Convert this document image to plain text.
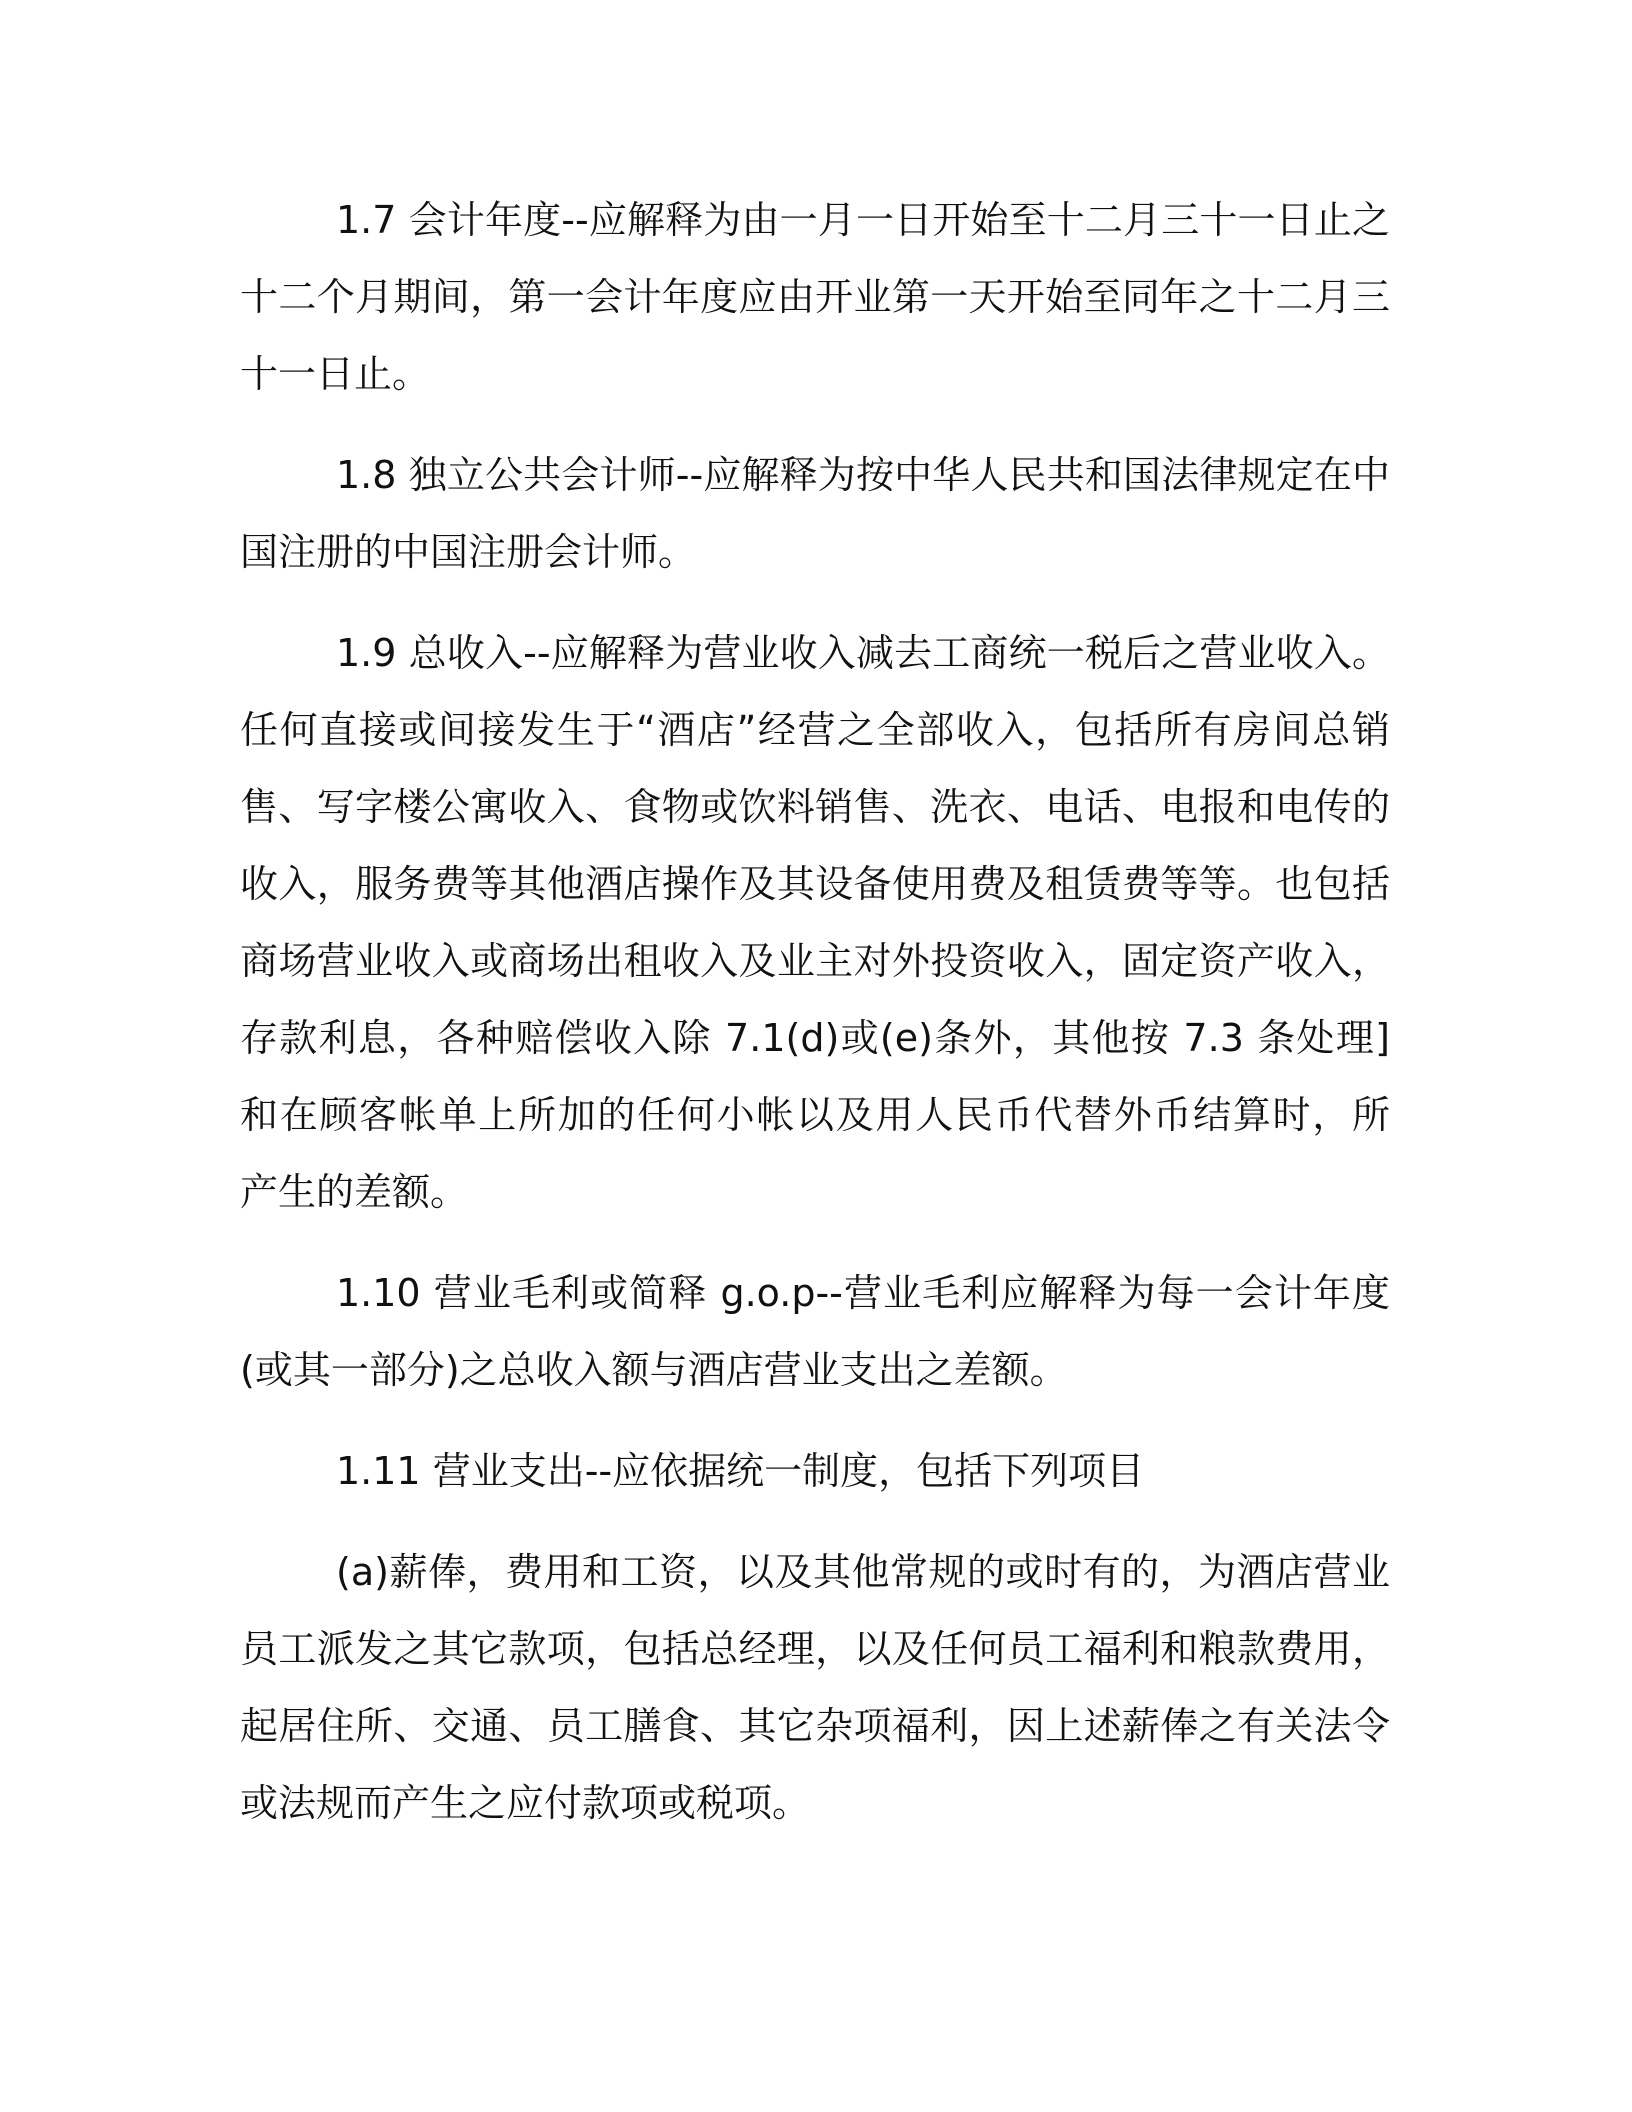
1.7 会计年度--应解释为由一月一日开始至十二月三十一日止之十二个月期间，第一会计年度应由开业第一天开始至同年之十二月三十一日止。

1.8 独立公共会计师--应解释为按中华人民共和国法律规定在中国注册的中国注册会计师。

1.9 总收入--应解释为营业收入减去工商统一税后之营业收入。任何直接或间接发生于“酒店”经营之全部收入，包括所有房间总销售、写字楼公寓收入、食物或饮料销售、洗衣、电话、电报和电传的收入，服务费等其他酒店操作及其设备使用费及租赁费等等。也包括商场营业收入或商场出租收入及业主对外投资收入，固定资产收入，存款利息，各种赔偿收入除 7.1(d)或(e)条外，其他按 7.3 条处理]和在顾客帐单上所加的任何小帐以及用人民币代替外币结算时，所 产生的差额。

1.10 营业毛利或简释 g.o.p--营业毛利应解释为每一会计年度(或其一部分)之总收入额与酒店营业支出之差额。

1.11 营业支出--应依据统一制度，包括下列项目

(a)薪俸，费用和工资，以及其他常规的或时有的，为酒店营业员工派发之其它款项，包括总经理，以及任何员工福利和粮款费用，起居住所、交通、员工膳食、其它杂项福利，因上述薪俸之有关法令或法规而产生之应付款项或税项。
